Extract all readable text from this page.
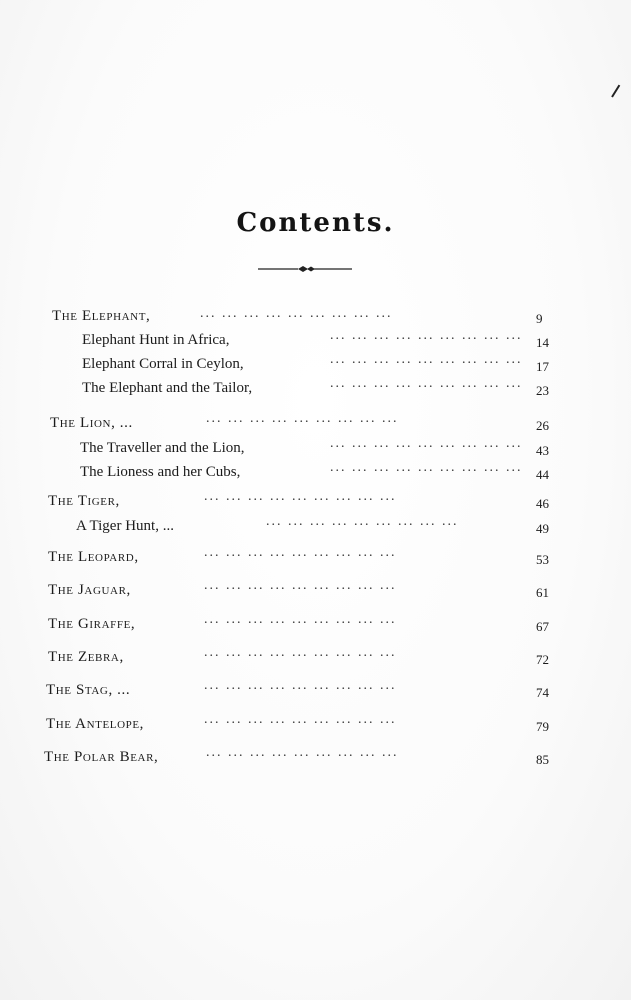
Contents.
The Elephant,	... ... ... ... ... ... ... ... ...	9
Elephant Hunt in Africa,	... ... ... ... ... ... ... ... ...	14
Elephant Corral in Ceylon,	... ... ... ... ... ... ... ... ...	17
The Elephant and the Tailor,	... ... ... ... ... ... ... ... ...	23
The Lion, ...	... ... ... ... ... ... ... ... ...	26
The Traveller and the Lion,	... ... ... ... ... ... ... ... ...	43
The Lioness and her Cubs,	... ... ... ... ... ... ... ... ...	44
The Tiger,	... ... ... ... ... ... ... ... ...	46
A Tiger Hunt, ...	... ... ... ... ... ... ... ... ...	49
The Leopard,	... ... ... ... ... ... ... ... ...	53
The Jaguar,	... ... ... ... ... ... ... ... ...	61
The Giraffe,	... ... ... ... ... ... ... ... ...	67
The Zebra,	... ... ... ... ... ... ... ... ...	72
The Stag, ...	... ... ... ... ... ... ... ... ...	74
The Antelope,	... ... ... ... ... ... ... ... ...	79
The Polar Bear,	... ... ... ... ... ... ... ... ...	85
